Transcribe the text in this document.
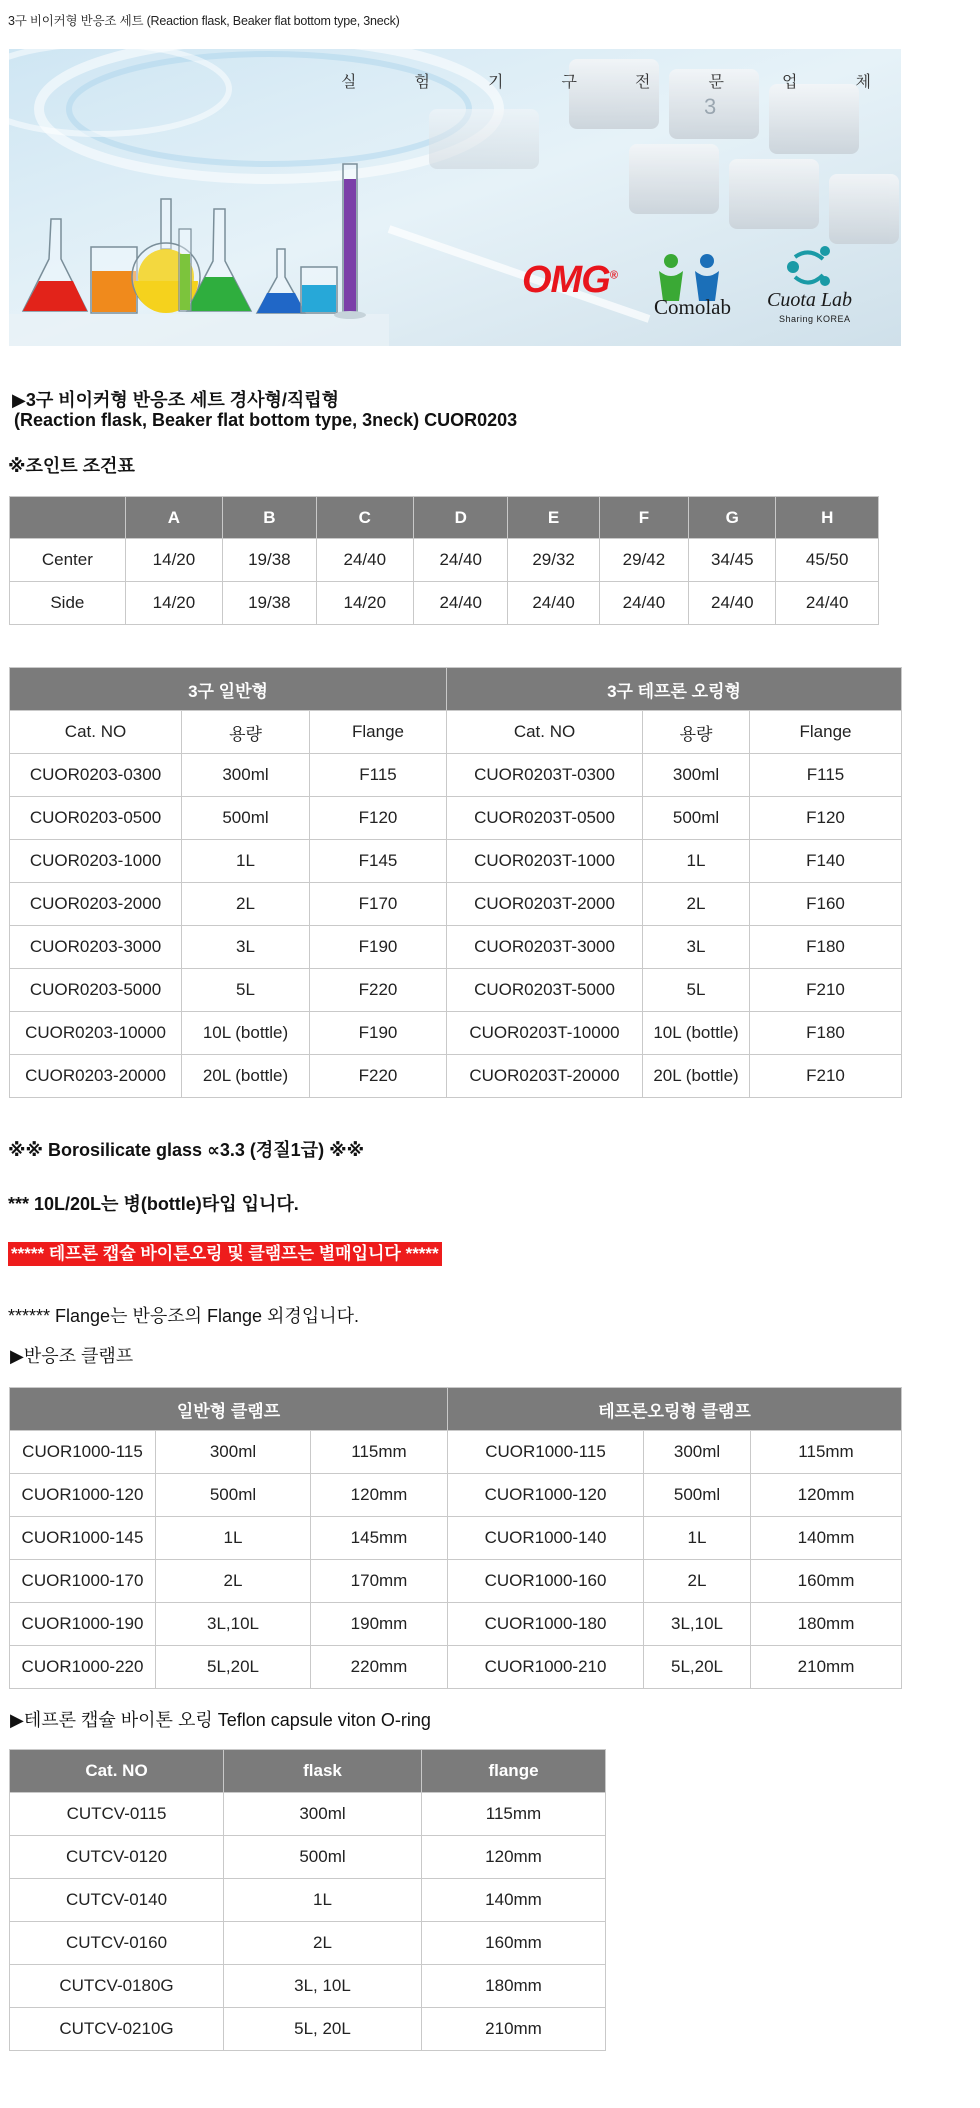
3구 비이커형 반응조 세트 (Reaction flask, Beaker flat bottom type, 3neck)
3
실	험	기	구	전	문	업	체
OMG®
Comolab Cuota Lab
Sharing KOREA
▶3구 비이커형 반응조 세트 경사형/직립형
(Reaction flask, Beaker flat bottom type, 3neck) CUOR0203
※조인트 조건표
	A	B	C	D	E	F	G	H
Center	14/20	19/38	24/40	24/40	29/32	29/42	34/45	45/50
Side	14/20	19/38	14/20	24/40	24/40	24/40	24/40	24/40
3구 일반형			3구 테프론 오링형		
Cat. NO	용량	Flange	Cat. NO	용량	Flange
CUOR0203-0300	300ml	F115	CUOR0203T-0300	300ml	F115
CUOR0203-0500	500ml	F120	CUOR0203T-0500	500ml	F120
CUOR0203-1000	1L	F145	CUOR0203T-1000	1L	F140
CUOR0203-2000	2L	F170	CUOR0203T-2000	2L	F160
CUOR0203-3000	3L	F190	CUOR0203T-3000	3L	F180
CUOR0203-5000	5L	F220	CUOR0203T-5000	5L	F210
CUOR0203-10000	10L (bottle)	F190	CUOR0203T-10000	10L (bottle)	F180
CUOR0203-20000	20L (bottle)	F220	CUOR0203T-20000	20L (bottle)	F210
※※ Borosilicate glass ∝3.3 (경질1급) ※※
*** 10L/20L는 병(bottle)타입 입니다.
***** 테프론 캡슐 바이톤오링 및 클램프는 별매입니다 *****
****** Flange는 반응조의 Flange 외경입니다.
▶반응조 클램프
일반형 클램프			테프론오링형 클램프		
CUOR1000-115	300ml	115mm	CUOR1000-115	300ml	115mm
CUOR1000-120	500ml	120mm	CUOR1000-120	500ml	120mm
CUOR1000-145	1L	145mm	CUOR1000-140	1L	140mm
CUOR1000-170	2L	170mm	CUOR1000-160	2L	160mm
CUOR1000-190	3L,10L	190mm	CUOR1000-180	3L,10L	180mm
CUOR1000-220	5L,20L	220mm	CUOR1000-210	5L,20L	210mm
▶테프론 캡슐 바이톤 오링 Teflon capsule viton O-ring
Cat. NO	flask	flange
CUTCV-0115	300ml	115mm
CUTCV-0120	500ml	120mm
CUTCV-0140	1L	140mm
CUTCV-0160	2L	160mm
CUTCV-0180G	3L, 10L	180mm
CUTCV-0210G	5L, 20L	210mm
